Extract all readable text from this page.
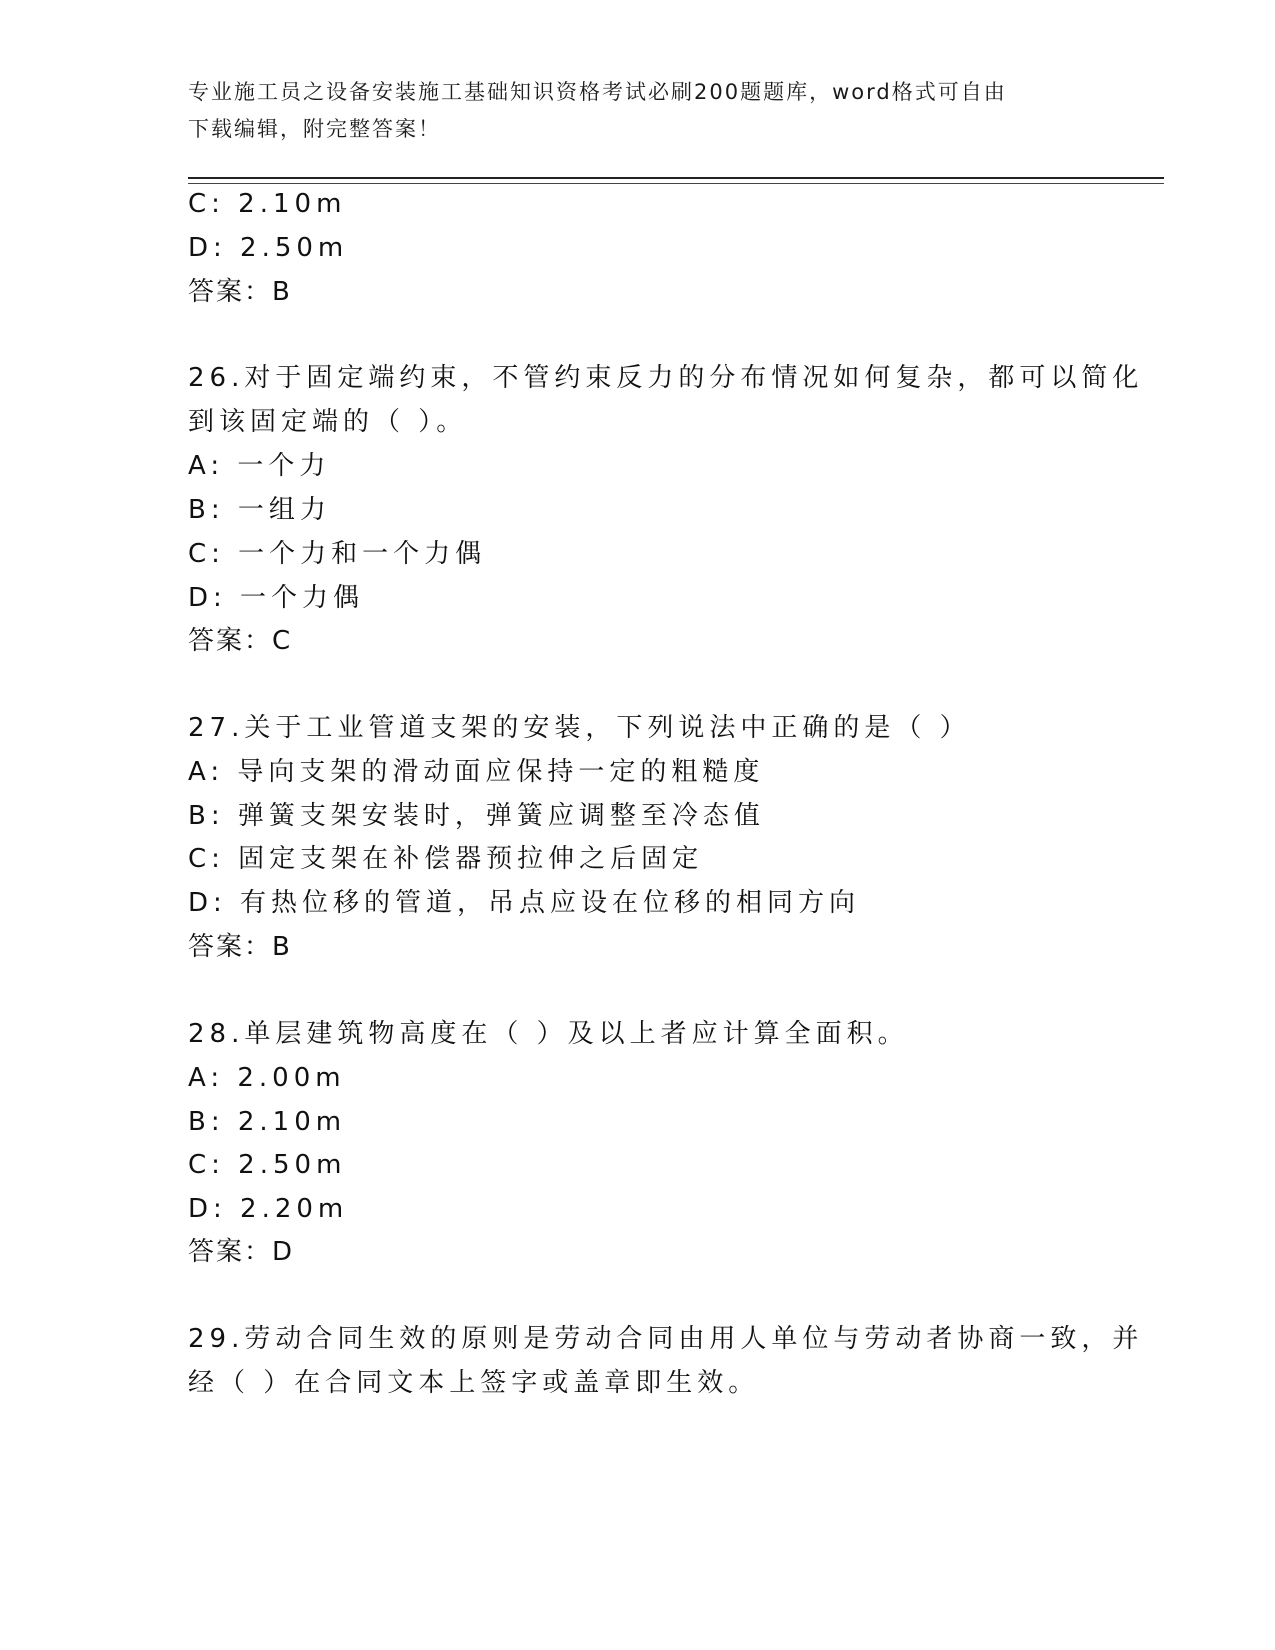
专业施工员之设备安装施工基础知识资格考试必刷200题题库，word格式可自由
下载编辑，附完整答案！
C: 2.10m
D: 2.50m
答案：B
26.对于固定端约束，不管约束反力的分布情况如何复杂，都可以简化
到该固定端的（ ）。
A: 一个力
B: 一组力
C: 一个力和一个力偶
D: 一个力偶
答案：C
27.关于工业管道支架的安装，下列说法中正确的是（ ）
A: 导向支架的滑动面应保持一定的粗糙度
B: 弹簧支架安装时，弹簧应调整至冷态值
C: 固定支架在补偿器预拉伸之后固定
D: 有热位移的管道，吊点应设在位移的相同方向
答案：B
28.单层建筑物高度在（ ）及以上者应计算全面积。
A: 2.00m
B: 2.10m
C: 2.50m
D: 2.20m
答案：D
29.劳动合同生效的原则是劳动合同由用人单位与劳动者协商一致，并
经（ ）在合同文本上签字或盖章即生效。
